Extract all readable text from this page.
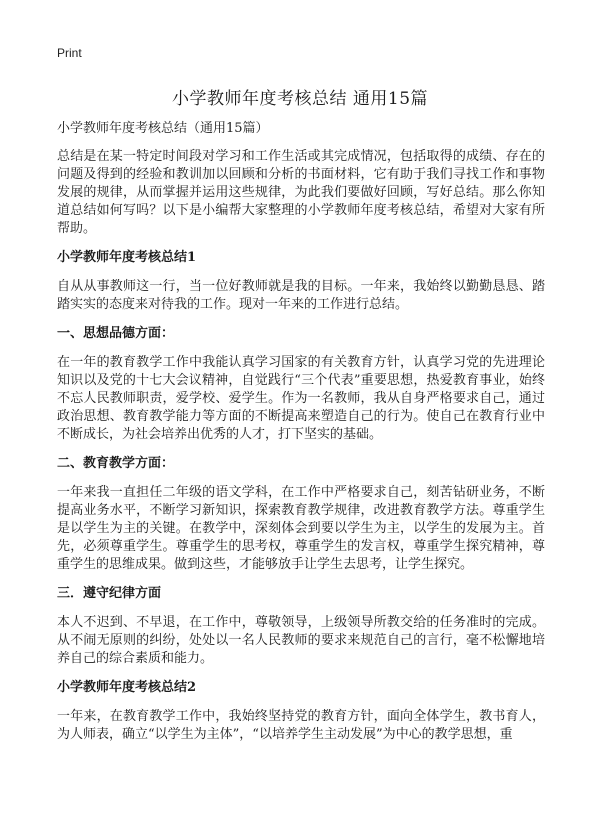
Print
小学教师年度考核总结 通用15篇
小学教师年度考核总结（通用15篇）

总结是在某一特定时间段对学习和工作生活或其完成情况，包括取得的成绩、存在的问题及得到的经验和教训加以回顾和分析的书面材料，它有助于我们寻找工作和事物发展的规律，从而掌握并运用这些规律，为此我们要做好回顾，写好总结。那么你知道总结如何写吗？以下是小编帮大家整理的小学教师年度考核总结，希望对大家有所帮助。

小学教师年度考核总结1

自从从事教师这一行，当一位好教师就是我的目标。一年来，我始终以勤勤恳恳、踏踏实实的态度来对待我的工作。现对一年来的工作进行总结。

一、思想品德方面：

在一年的教育教学工作中我能认真学习国家的有关教育方针，认真学习党的先进理论知识以及党的十七大会议精神，自觉践行“三个代表”重要思想，热爱教育事业，始终不忘人民教师职责，爱学校、爱学生。作为一名教师，我从自身严格要求自己，通过政治思想、教育教学能力等方面的不断提高来塑造自己的行为。使自己在教育行业中不断成长，为社会培养出优秀的人才，打下坚实的基础。

二、教育教学方面：

一年来我一直担任二年级的语文学科，在工作中严格要求自己，刻苦钻研业务，不断提高业务水平，不断学习新知识，探索教育教学规律，改进教育教学方法。尊重学生是以学生为主的关键。在教学中，深刻体会到要以学生为主，以学生的发展为主。首先，必须尊重学生。尊重学生的思考权，尊重学生的发言权，尊重学生探究精神，尊重学生的思维成果。做到这些，才能够放手让学生去思考，让学生探究。

三．遵守纪律方面

本人不迟到、不早退，在工作中，尊敬领导，上级领导所教交给的任务准时的完成。从不闹无原则的纠纷，处处以一名人民教师的要求来规范自己的言行，毫不松懈地培养自己的综合素质和能力。

小学教师年度考核总结2

一年来，在教育教学工作中，我始终坚持党的教育方针，面向全体学生，教书育人，为人师表，确立“以学生为主体”，“以培养学生主动发展”为中心的教学思想，重
